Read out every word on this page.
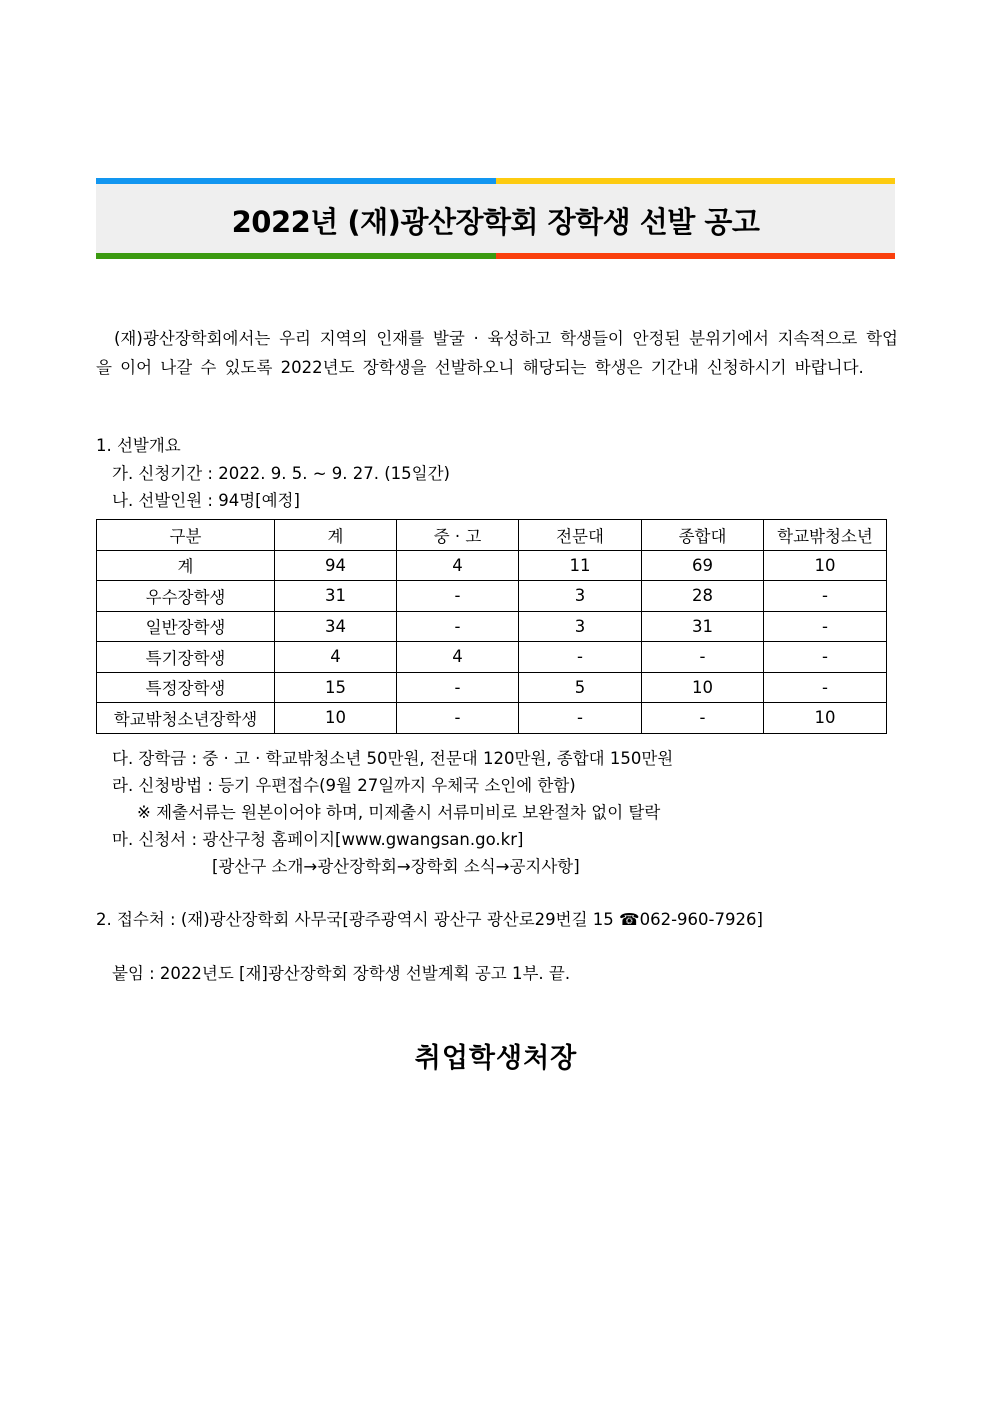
2022년 (재)광산장학회 장학생 선발 공고
(재)광산장학회에서는 우리 지역의 인재를 발굴 · 육성하고 학생들이 안정된 분위기에서 지속적으로 학업을 이어 나갈 수 있도록 2022년도 장학생을 선발하오니 해당되는 학생은 기간내 신청하시기 바랍니다.
1. 선발개요
가. 신청기간 : 2022. 9. 5. ~ 9. 27. (15일간)
나. 선발인원 : 94명[예정]
구분	계	중 · 고	전문대	종합대	학교밖청소년
계	94	4	11	69	10
우수장학생	31	-	3	28	-
일반장학생	34	-	3	31	-
특기장학생	4	4	-	-	-
특정장학생	15	-	5	10	-
학교밖청소년장학생	10	-	-	-	10
다. 장학금 : 중 · 고 · 학교밖청소년 50만원, 전문대 120만원, 종합대 150만원
라. 신청방법 : 등기 우편접수(9월 27일까지 우체국 소인에 한함)
※ 제출서류는 원본이어야 하며, 미제출시 서류미비로 보완절차 없이 탈락
마. 신청서 : 광산구청 홈페이지[www.gwangsan.go.kr]
[광산구 소개→광산장학회→장학회 소식→공지사항]
2. 접수처 : (재)광산장학회 사무국[광주광역시 광산구 광산로29번길 15 ☎062-960-7926]
붙임 : 2022년도 [재]광산장학회 장학생 선발계획 공고 1부. 끝.
취업학생처장
